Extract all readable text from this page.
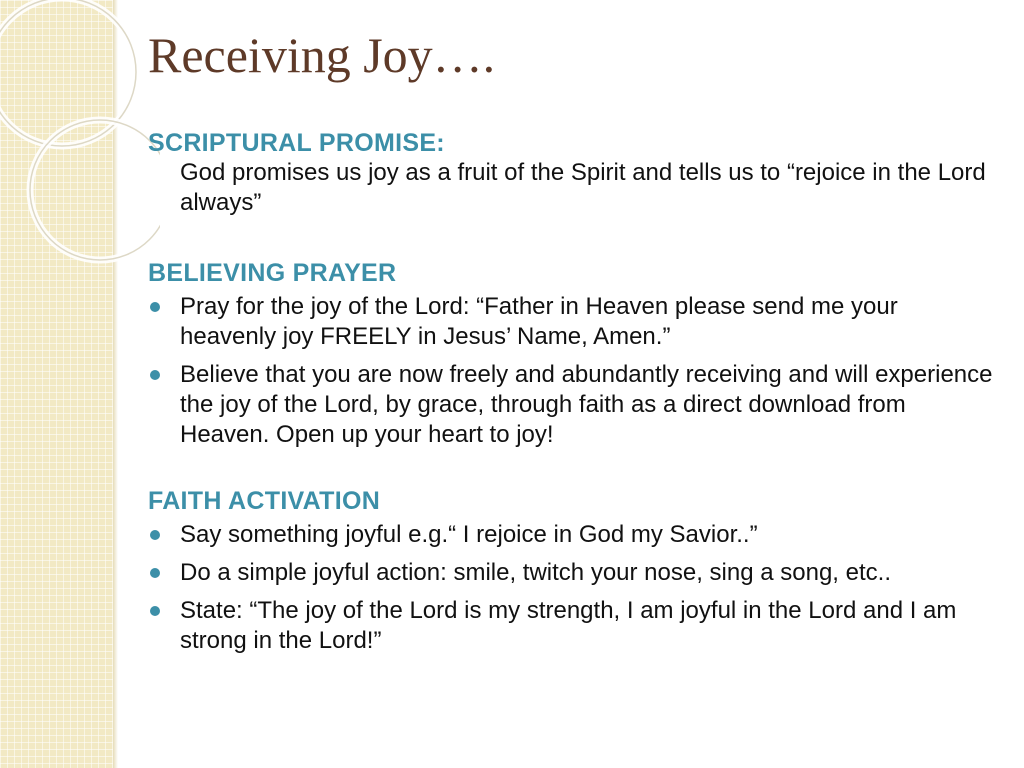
Receiving Joy….
SCRIPTURAL PROMISE:
God promises us joy as a fruit of the Spirit and tells us to “rejoice in the Lord always”
BELIEVING PRAYER
Pray for the joy of the Lord: “Father in Heaven please send me your heavenly joy FREELY in Jesus’ Name, Amen.”
Believe that you are now freely and abundantly receiving and will experience the joy of the Lord, by grace, through faith as a direct download from Heaven. Open up your heart to joy!
FAITH ACTIVATION
Say something joyful e.g.“ I rejoice in God my Savior..”
Do a simple joyful action: smile, twitch your nose, sing a song, etc..
State: “The joy of the Lord is my strength, I am joyful in the Lord and I am strong in the Lord!”
